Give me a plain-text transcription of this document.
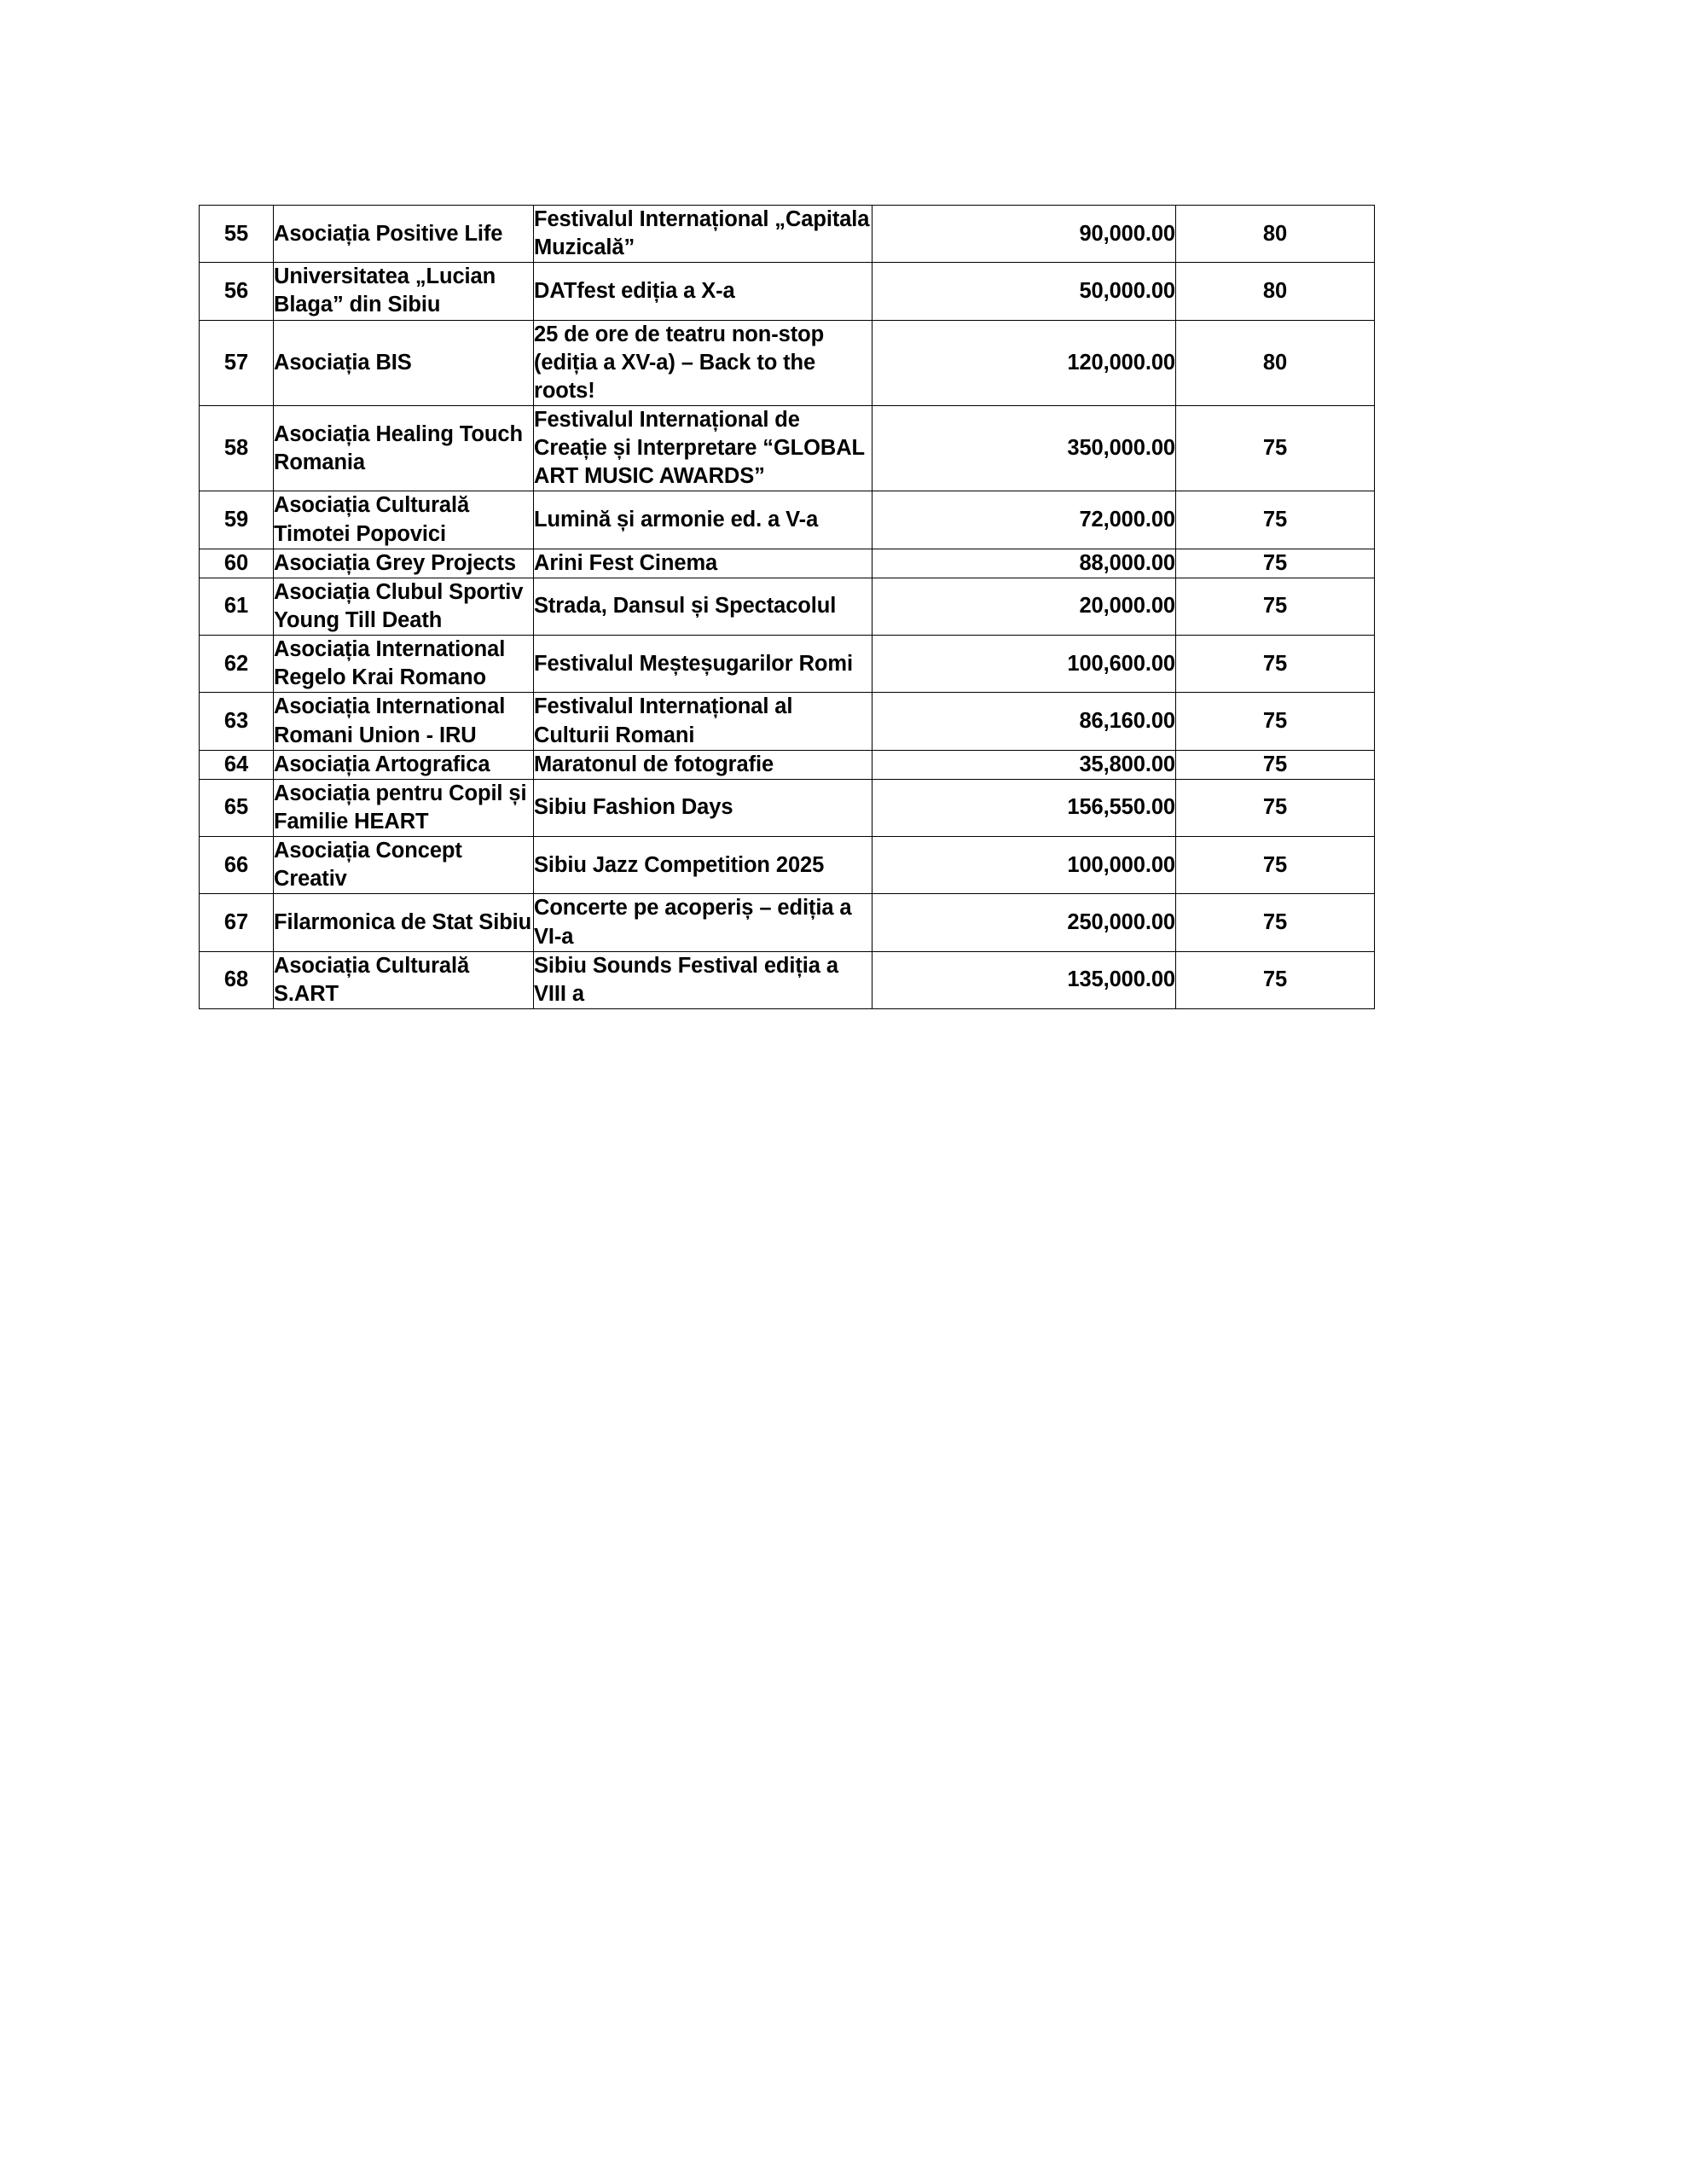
55	Asociația Positive Life	Festivalul Internațional „Capitala Muzicală”	90,000.00	80
56	Universitatea „Lucian Blaga” din Sibiu	DATfest ediția a X-a	50,000.00	80
57	Asociația BIS	25 de ore de teatru non-stop (ediția a XV-a) – Back to the roots!	120,000.00	80
58	Asociația Healing Touch Romania	Festivalul Internațional de Creație și Interpretare “GLOBAL ART MUSIC AWARDS”	350,000.00	75
59	Asociația Culturală Timotei Popovici	Lumină și armonie ed. a V-a	72,000.00	75
60	Asociația Grey Projects	Arini Fest Cinema	88,000.00	75
61	Asociația Clubul Sportiv Young Till Death	Strada, Dansul și Spectacolul	20,000.00	75
62	Asociația International Regelo Krai Romano	Festivalul Meșteșugarilor Romi	100,600.00	75
63	Asociația International Romani Union - IRU	Festivalul Internațional al Culturii Romani	86,160.00	75
64	Asociația Artografica	Maratonul de fotografie	35,800.00	75
65	Asociația pentru Copil și Familie HEART	Sibiu Fashion Days	156,550.00	75
66	Asociația Concept Creativ	Sibiu Jazz Competition 2025	100,000.00	75
67	Filarmonica de Stat Sibiu	Concerte pe acoperiș – ediția a VI-a	250,000.00	75
68	Asociația Culturală S.ART	Sibiu Sounds Festival ediția a VIII a	135,000.00	75
